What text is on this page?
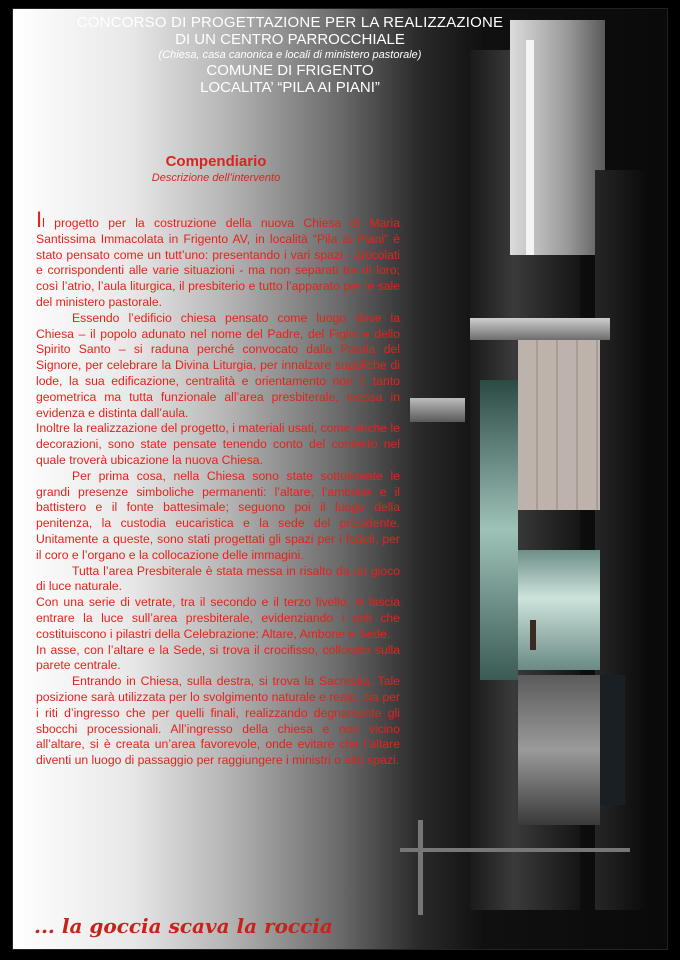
CONCORSO DI PROGETTAZIONE PER LA REALIZZAZIONE
DI UN CENTRO PARROCCHIALE
(Chiesa, casa canonica e locali di ministero pastorale)
COMUNE DI FRIGENTO
LOCALITA’ “PILA AI PIANI”
Compendiario
Descrizione dell’intervento

Il progetto per la costruzione della nuova Chiesa di Maria Santissima Immacolata in Frigento AV, in località “Pila ai Piani” è stato pensato come un tutt’uno: presentando i vari spazi - articolati e corrispondenti alle varie situazioni - ma non separati tra di loro; così l’atrio, l’aula liturgica, il presbiterio e tutto l’apparato per le sale del ministero pastorale.

Essendo l’edificio chiesa pensato come luogo dove la Chiesa – il popolo adunato nel nome del Padre, del Figlio e dello Spirito Santo – si raduna perché convocato dalla Parola del Signore, per celebrare la Divina Liturgia, per innalzare suppliche di lode, la sua edificazione, centralità e orientamento non è tanto geometrica ma tutta funzionale all’area presbiterale, messa in evidenza e distinta dall’aula.

Inoltre la realizzazione del progetto, i materiali usati, come anche le decorazioni, sono state pensate tenendo conto del contesto nel quale troverà ubicazione la nuova Chiesa.

Per prima cosa, nella Chiesa sono state sottolineate le grandi presenze simboliche permanenti: l’altare, l’ambone e il battistero e il fonte battesimale; seguono poi il luogo della penitenza, la custodia eucaristica e la sede del presidente. Unitamente a queste, sono stati progettati gli spazi per i fedeli, per il coro e l’organo e la collocazione delle immagini.

Tutta l’area Presbiterale è stata messa in risalto da un gioco di luce naturale.

Con una serie di vetrate, tra il secondo e il terzo livello, si lascia entrare la luce sull’area presbiterale, evidenziando i poli che costituiscono i pilastri della Celebrazione: Altare, Ambone e Sede.

In asse, con l’altare e la Sede, si trova il crocifisso, collocato sulla parete centrale.

Entrando in Chiesa, sulla destra, si trova la Sacrestia. Tale posizione sarà utilizzata per lo svolgimento naturale e reale, sia per i riti d’ingresso che per quelli finali, realizzando degnamente gli sbocchi processionali. All’ingresso della chiesa e non vicino all’altare, si è creata un’area favorevole, onde evitare che l’altare diventi un luogo di passaggio per raggiungere i ministri o altri spazi.

... la goccia scava la roccia
